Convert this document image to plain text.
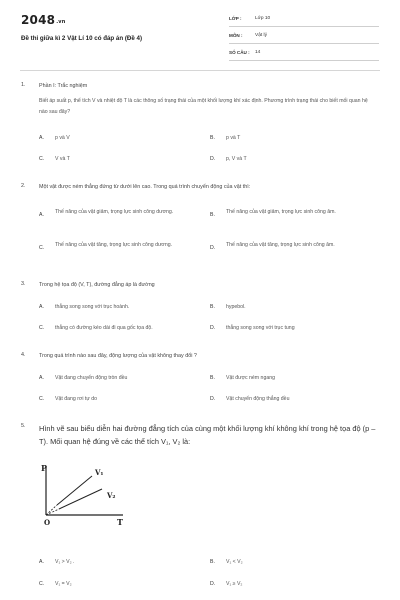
2048.vn
Đề thi giữa kì 2 Vật Lí 10 có đáp án (Đề 4)
LỚP :	Lớp 10
MÔN :	Vật lý
SỐ CÂU : 14
1.	Phần I: Trắc nghiệm
Biết áp suất p, thể tích V và nhiệt độ T là các thông số trạng thái của một khối lượng khí xác định. Phương trình trạng thái cho biết mối quan hệ nào sau đây?
A. p và V	B. p và T
C. V và T	D. p, V và T
2.	Một vật được ném thẳng đứng từ dưới lên cao. Trong quá trình chuyển động của vật thì:
A. Thế năng của vật giảm, trọng lực sinh công dương.	B. Thế năng của vật giảm, trọng lực sinh công âm.
C. Thế năng của vật tăng, trọng lực sinh công dương.	D. Thế năng của vật tăng, trọng lực sinh công âm.
3.	Trong hệ tọa độ (V, T), đường đẳng áp là đường
A. thẳng song song với trục hoành.	B. hypebol.
C. thẳng có đường kéo dài đi qua gốc tọa độ.	D. thẳng song song với trục tung
4.	Trong quá trình nào sau đây, động lượng của vật không thay đổi ?
A. Vật đang chuyển động tròn đều	B. Vật được ném ngang
C. Vật đang rơi tự do	D. Vật chuyển động thẳng đều
5. Hình vẽ sau biểu diễn hai đường đẳng tích của cùng một khối lượng khí không khí trong hệ tọa độ (p – T). Mối quan hệ đúng về các thể tích V₁, V₂ là:
P
T
O
V₁
V₂
A. V₁ > V₂ .	B. V₁ < V₂
C. V₁ = V₂	D. V₁ ≥ V₂
